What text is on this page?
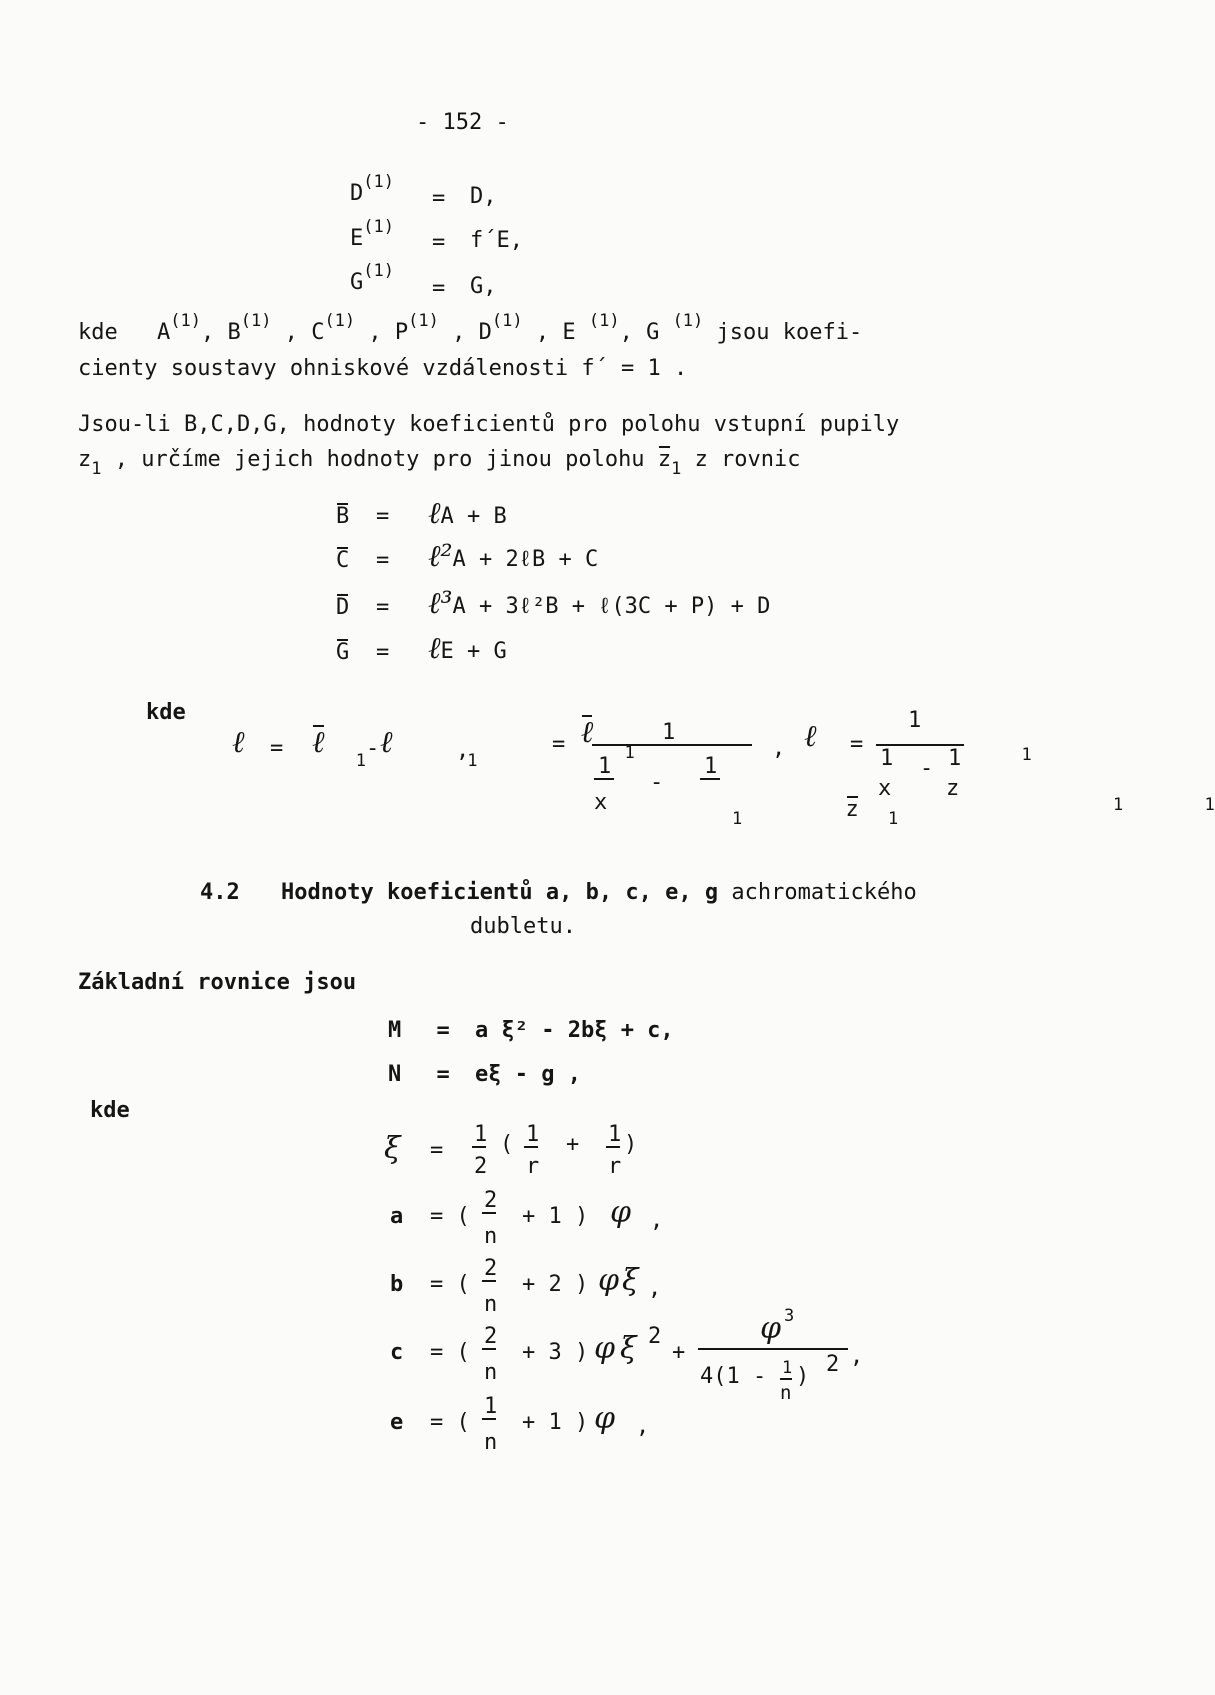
- 152 -
$D^{(1)}$
= D,
$E^{(1)}$
= f´E,
$G^{(1)}$
= G,
kde $A^{(1)}$, $B^{(1)}$ , $C^{(1)}$ , $P^{(1)}$ , $D^{(1)}$ , E $^{(1)}$, G $^{(1)}$ jsou koefi-
cienty soustavy ohniskové vzdálenosti f´ = 1 .
Jsou-li B,C,D,G, hodnoty koeficientů pro polohu vstupní pupily
$z_1$ , určíme jejich hodnoty pro jinou polohu $z_1$ z rovnic
B = ℓA + B
C = ℓ²A + 2ℓB + C
D = ℓ³A + 3ℓ²B + ℓ(3C + P) + D
G = ℓE + G
kde
ℓ = ℓ $_1$ - ℓ
$_1$
,
ℓ $_1$
=	1
1
x
$_1$
-
1
z $_1$
, ℓ
$_1$
=
1
1
x
$_1$
- 1
z
$_1$
4.2 Hodnoty koeficientů a, b, c, e, g achromatického
dubletu.
Základní rovnice jsou
M = a ξ² - 2bξ + c,
N = eξ - g ,
kde
ξ =
1
2
( 1
r
+ 1
r
)
a = (
2
n
+ 1 ) φ ,
b = (
2
n
+ 2 ) φ ξ ,
c = (
2
n
+ 3 ) φ ξ 2
+
φ 3
4(1 - 1
n
) 2 ,
e = (
1
n
+ 1 ) φ ,
